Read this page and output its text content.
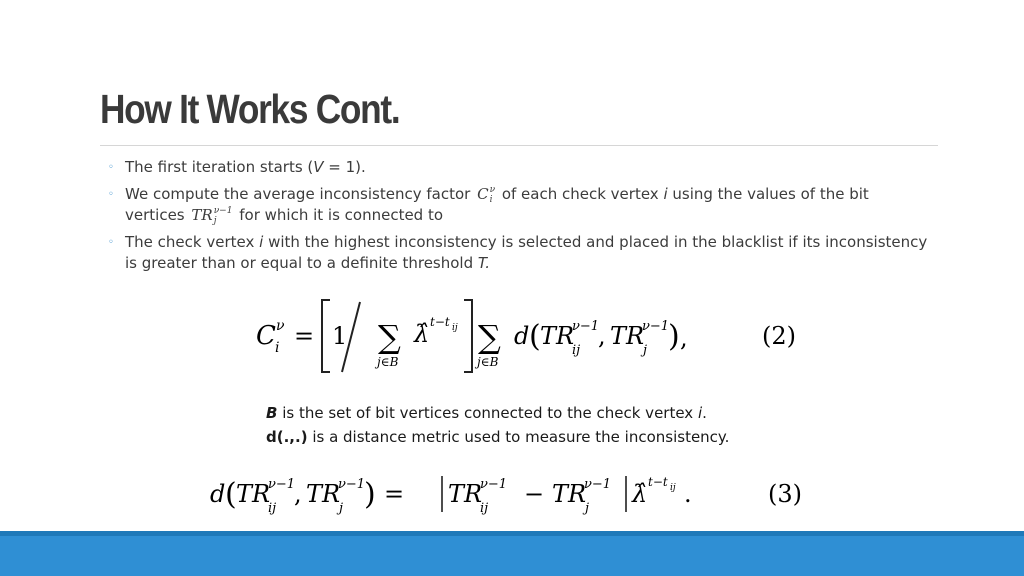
How It Works Cont.
◦ The first iteration starts (V = 1).
◦ We compute the average inconsistency factor C ν
i of each check vertex i using the values of the bit vertices TR ν−1
j	for which it is connected to
◦ The check vertex i with the highest inconsistency is selected and placed in the blacklist if its inconsistency is greater than or equal to a definite threshold T.
C ν
i = 1 ∑
j∈B
λ̂ t−t ij ∑
j∈B
d ( TR
ν−1
ij
, TR
ν−1
j ) ,	(2)
B is the set of bit vertices connected to the check vertex i.
d(.,.) is a distance metric used to measure the inconsistency.
d ( TR
ν−1
ij
, TR
ν−1
j ) = TR
ν−1
ij
− TR
ν−1
j
λ̂ t−t ij .	(3)
